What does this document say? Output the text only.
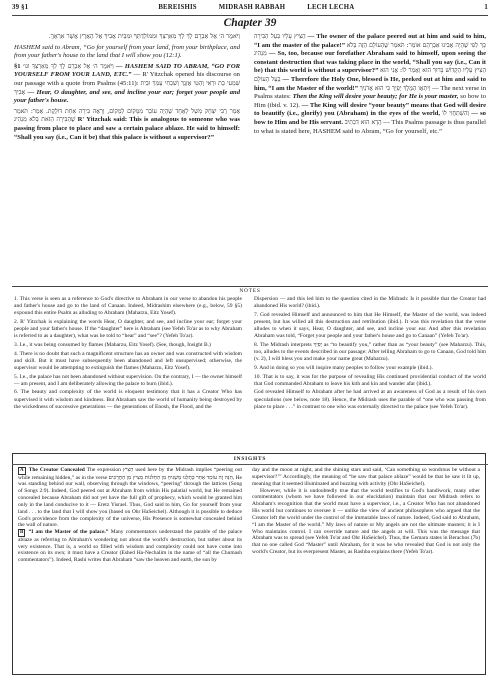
39 §1	BEREISHIS	MIDRASH RABBAH	LECH LECHA	1
Chapter 39
וַיֹּאמֶר ה׳ אֶל אַבְרָם לֶךְ לְךָ מֵאַרְצְךָ וּמִמּוֹלַדְתְּךָ וּמִבֵּית אָבִיךָ אֶל הָאָרֶץ אֲשֶׁר אַרְאֶךָּ.

HASHEM said to Abram, “Go for yourself from your land, from your birthplace, and from your father's house to the land that I will show you (12:1).

§1 וַיֹּאמֶר ה׳ אֶל אַבְרָם לֶךְ לְךָ מֵאַרְצְךָ וגו׳ — HASHEM SAID TO ABRAM, “GO FOR YOURSELF FROM YOUR LAND, ETC.” — R' Yitzchak opened his discourse on our passage with a quote from Psalms (45:11): שִׁמְעִי בַת וּרְאִי וְהַטִּי אָזְנֵךְ וְשִׁכְחִי עַמֵּךְ וּבֵית אָבִיךְ — Hear, O daughter, and see, and incline your ear; forget your people and your father's house.

אָמַר רַבִּי יִצְחָק מָשָׁל לְאֶחָד שֶׁהָיָה עוֹבֵר מִמָּקוֹם לְמָקוֹם, וְרָאָה בִּירָה אַחַת דּוֹלֶקֶת. אָמַר: תֹּאמַר שֶׁהַבִּירָה הַזֹּאת בְּלֹא מַנְהִיג R' Yitzchak said: This is analogous to someone who was passing from place to place and saw a certain palace ablaze. He said to himself: “Shall you say (i.e., Can it be) that this palace is without a supervisor?”

הֵצִיץ עָלָיו בַּעַל הַבִּירָה — The owner of the palace peered out at him and said to him, “I am the master of the palace!” כָּךְ לְפִי שֶׁהָיָה אָבִינוּ אַבְרָהָם אוֹמֵר: תֹּאמַר שֶׁהָעוֹלָם הַזֶּה בְּלֹא מַנְהִיג — So, too, because our forefather Abraham said to himself, upon seeing the constant destruction that was taking place in the world, “Shall you say (i.e., Can it be) that this world is without a supervisor?” הֵצִיץ עָלָיו הַקָּדוֹשׁ בָּרוּךְ הוּא וְאָמַר לוֹ: אֲנִי הוּא בַּעַל הָעוֹלָם — Therefore the Holy One, blessed is He, peeked out at him and said to him, “I am the Master of the world!” וְיִתְאָו הַמֶּלֶךְ יָפְיֵךְ כִּי הוּא אֲדֹנַיִךְ — The next verse in Psalms states: Then the King will desire your beauty; for He is your master, so bow to Him (ibid. v. 12). — The King will desire “your beauty” means that God will desire to beautify (i.e., glorify) you (Abraham) in the eyes of the world, וְהִשְׁתַּחֲוִי לוֹ — so bow to Him and be His servant. הֲדָא הוּא דִּכְתִיב — This Psalms passage is thus parallel to what is stated here, HASHEM said to Abram, “Go for yourself, etc.”

NOTES

1. This verse is seen as a reference to God's directive to Abraham in our verse to abandon his people and father's house and go to the land of Canaan. Indeed, Midrashim elsewhere (e.g., below, 59 §5) expound this entire Psalm as alluding to Abraham (Maharzu, Eitz Yosef).

2. R' Yitzchak is explaining the words Hear, O daughter, and see, and incline your ear; forget your people and your father's house. If the “daughter” here is Abraham (see Yefeh To'ar as to why Abraham is referred to as a daughter), what was he told to “hear” and “see”? (Yefeh To'ar).

3. I.e., it was being consumed by flames (Maharzu, Eitz Yosef). (See, though, Insight B.)

4. There is no doubt that such a magnificent structure has an owner and was constructed with wisdom and skill. But it must have subsequently been abandoned and left unsupervised; otherwise, the supervisor would be attempting to extinguish the flames (Maharzu, Eitz Yosef).

5. I.e., the palace has not been abandoned without supervision. On the contrary, I — the owner himself — am present, and I am deliberately allowing the palace to burn (ibid.).

6. The beauty and complexity of the world is eloquent testimony that it has a Creator Who has supervised it with wisdom and kindness. But Abraham saw the world of humanity being destroyed by the wickedness of successive generations — the generations of Enosh, the Flood, and the

Dispersion — and this led him to the question cited in the Midrash: Is it possible that the Creator had abandoned His world? (ibid.).

7. God revealed Himself and announced to him that He Himself, the Master of the world, was indeed present, but has willed all this destruction and retribution (ibid.). It was this revelation that the verse alludes to when it says, Hear, O daughter, and see, and incline your ear. And after this revelation Abraham was told, “Forget your people and your father's house and go to Canaan” (Yefeh To'ar).

8. The Midrash interprets יָפְיֵךְ as “to beautify you,” rather than as “your beauty” (see Maharzu). This, too, alludes to the events described in our passage: After telling Abraham to go to Canaan, God told him (v. 2), I will bless you and make your name great (Maharzu).

9. And in doing so you will inspire many peoples to follow your example (ibid.).

10. That is to say, it was for the purpose of revealing His continued providential conduct of the world that God commanded Abraham to leave his kith and kin and wander afar (ibid.).

God revealed Himself to Abraham after he had arrived at an awareness of God as a result of his own speculations (see below, note 18). Hence, the Midrash uses the parable of “one who was passing from place to place . . .” in contrast to one who was externally directed to the palace (see Yefeh To'ar).

INSIGHTS

A The Creator Concealed The expression הֵצִיץ used here by the Midrash implies “peering out while remaining hidden,” as in the verse הִנֵּה זֶה עוֹמֵד אַחַר כָּתְלֵנוּ מַשְׁגִּיחַ מִן הַחַלֹּנוֹת מֵצִיץ מִן הַחֲרַכִּים, He was standing behind our wall, observing through the windows, “peering” through the lattices (Song of Songs 2:9). Indeed, God peered out at Abraham from within His palatial world, but He remained concealed because Abraham did not yet have the full gift of prophecy, which would be granted him only in the land conducive to it — Eretz Yisrael. Thus, God said to him, Go for yourself from your land . . . to the land that I will show you (based on Ohr HaSeichel). Although it is possible to deduce God's providence from the complexity of the universe, His Presence is somewhat concealed behind the wall of nature.

B “I am the Master of the palace.” Many commentators understand the parable of the palace ablaze as referring to Abraham's wondering not about the world's destruction, but rather about its very existence. That is, a world so filled with wisdom and complexity could not have come into existence on its own; it must have a Creator (Eshed Ha-Nechalim in the name of “all the Chumash commentators”). Indeed, Rashi writes that Abraham “saw the heaven and earth, the sun by

day and the moon at night, and the shining stars and said, ‘Can something so wondrous be without a supervisor?’” Accordingly, the meaning of “he saw that palace ablaze” would be that he saw it lit up, meaning that it seemed illuminated and buzzing with activity (Ohr HaSeichel).

However, while it is undoubtedly true that the world testifies to God's handiwork, many other commentators (whom we have followed in our elucidation) maintain that our Midrash refers to Abraham's recognition that the world must have a supervisor, i.e., a Creator Who has not abandoned His world but continues to oversee it — unlike the view of ancient philosophers who argued that the Creator left the world under the control of the immutable laws of nature. Indeed, God said to Abraham, “I am the Master of the world.” My laws of nature or My angels are not the ultimate masters; it is I Who maintains control. I can override nature and the angels at will. This was the message that Abraham was to spread (see Yefeh To'ar and Ohr HaSeichel). Thus, the Gemara states in Berachos (7b) that no one called God “Master” until Abraham, for it was he who revealed that God is not only the world's Creator, but its everpresent Master, as Rashba explains there (Yefeh To'ar).
